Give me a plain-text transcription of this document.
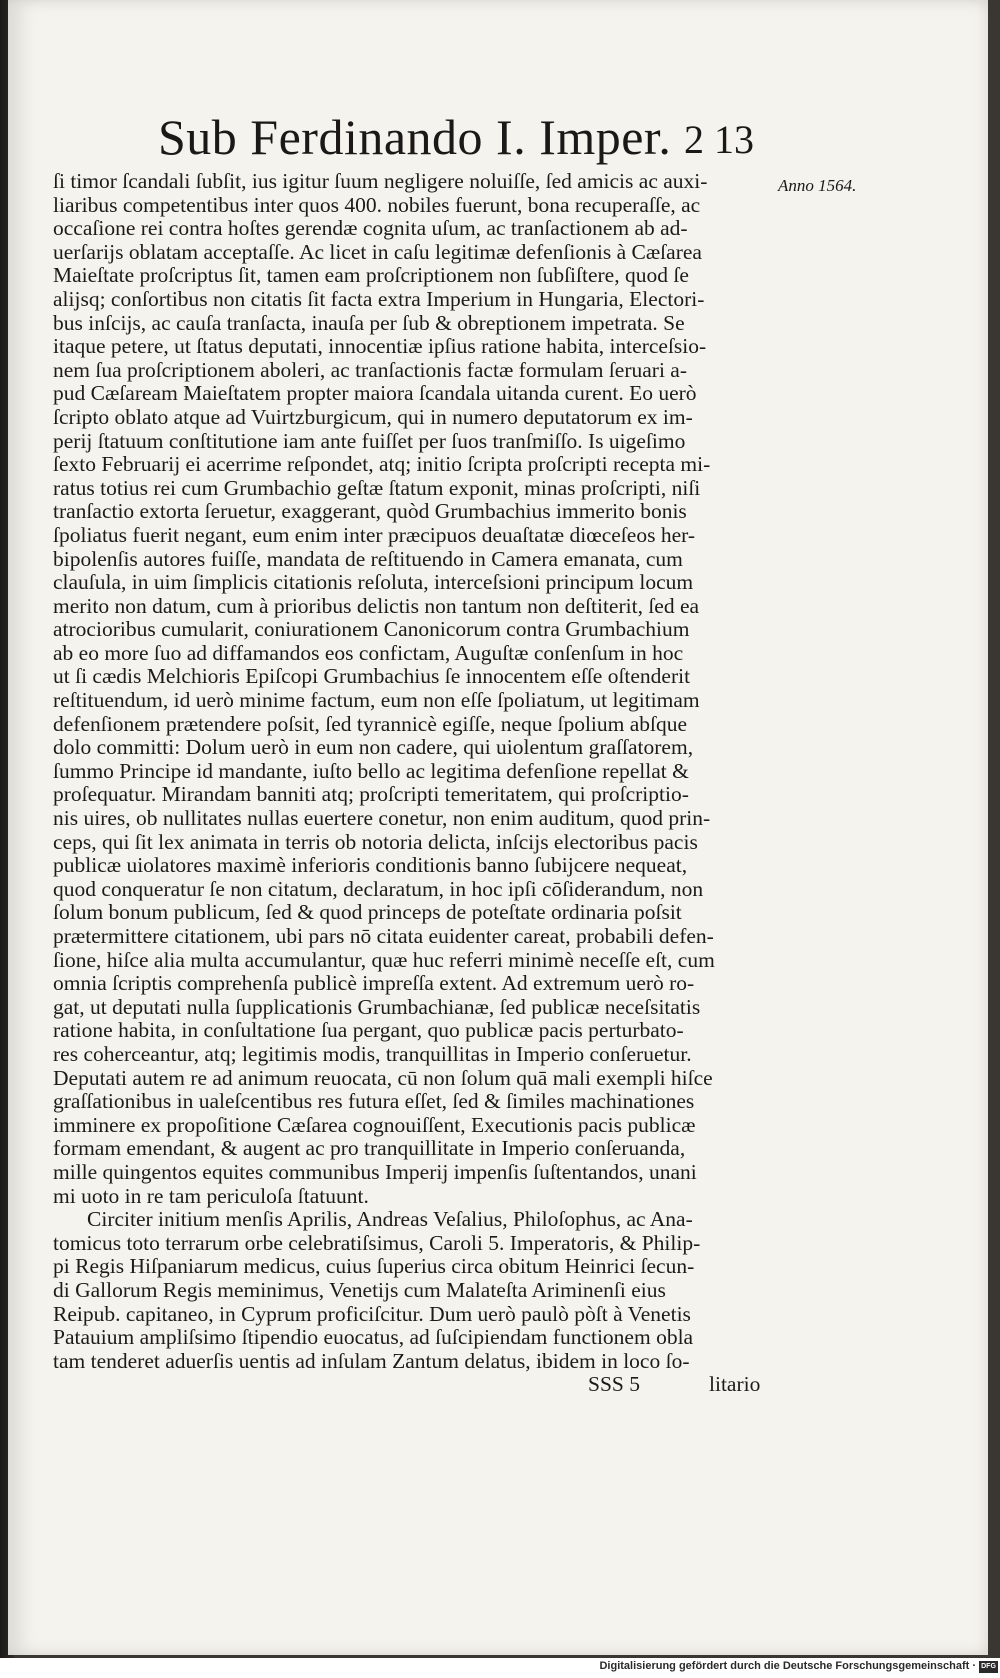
Sub Ferdinando I. Imper. 2 13
Anno 1564.
ſi timor ſcandali ſubſit, ius igitur ſuum negligere noluiſſe, ſed amicis ac auxi-
liaribus competentibus inter quos 400. nobiles fuerunt, bona recuperaſſe, ac
occaſione rei contra hoſtes gerendæ cognita uſum, ac tranſactionem ab ad-
uerſarijs oblatam acceptaſſe. Ac licet in caſu legitimæ defenſionis à Cæſarea
Maieſtate proſcriptus ſit, tamen eam proſcriptionem non ſubſiſtere, quod ſe
alijsq; conſortibus non citatis ſit facta extra Imperium in Hungaria, Electori-
bus inſcijs, ac cauſa tranſacta, inauſa per ſub & obreptionem impetrata. Se
itaque petere, ut ſtatus deputati, innocentiæ ipſius ratione habita, interceſsio-
nem ſua proſcriptionem aboleri, ac tranſactionis factæ formulam ſeruari a-
pud Cæſaream Maieſtatem propter maiora ſcandala uitanda curent. Eo uerò
ſcripto oblato atque ad Vuirtzburgicum, qui in numero deputatorum ex im-
perij ſtatuum conſtitutione iam ante fuiſſet per ſuos tranſmiſſo. Is uigeſimo
ſexto Februarij ei acerrime reſpondet, atq; initio ſcripta proſcripti recepta mi-
ratus totius rei cum Grumbachio geſtæ ſtatum exponit, minas proſcripti, niſi
tranſactio extorta ſeruetur, exaggerant, quòd Grumbachius immerito bonis
ſpoliatus fuerit negant, eum enim inter præcipuos deuaſtatæ diœceſeos her-
bipolenſis autores fuiſſe, mandata de reſtituendo in Camera emanata, cum
clauſula, in uim ſimplicis citationis reſoluta, interceſsioni principum locum
merito non datum, cum à prioribus delictis non tantum non deſtiterit, ſed ea
atrocioribus cumularit, coniurationem Canonicorum contra Grumbachium
ab eo more ſuo ad diffamandos eos confictam, Auguſtæ conſenſum in hoc
ut ſi cædis Melchioris Epiſcopi Grumbachius ſe innocentem eſſe oſtenderit
reſtituendum, id uerò minime factum, eum non eſſe ſpoliatum, ut legitimam
defenſionem prætendere poſsit, ſed tyrannicè egiſſe, neque ſpolium abſque
dolo committi: Dolum uerò in eum non cadere, qui uiolentum graſſatorem,
ſummo Principe id mandante, iuſto bello ac legitima defenſione repellat &
proſequatur. Mirandam banniti atq; proſcripti temeritatem, qui proſcriptio-
nis uires, ob nullitates nullas euertere conetur, non enim auditum, quod prin-
ceps, qui ſit lex animata in terris ob notoria delicta, inſcijs electoribus pacis
publicæ uiolatores maximè inferioris conditionis banno ſubijcere nequeat,
quod conqueratur ſe non citatum, declaratum, in hoc ipſi cōſiderandum, non
ſolum bonum publicum, ſed & quod princeps de poteſtate ordinaria poſsit
prætermittere citationem, ubi pars nō citata euidenter careat, probabili defen-
ſione, hiſce alia multa accumulantur, quæ huc referri minimè neceſſe eſt, cum
omnia ſcriptis comprehenſa publicè impreſſa extent. Ad extremum uerò ro-
gat, ut deputati nulla ſupplicationis Grumbachianæ, ſed publicæ neceſsitatis
ratione habita, in conſultatione ſua pergant, quo publicæ pacis perturbato-
res coherceantur, atq; legitimis modis, tranquillitas in Imperio conſeruetur.
Deputati autem re ad animum reuocata, cū non ſolum quā mali exempli hiſce
graſſationibus in ualeſcentibus res futura eſſet, ſed & ſimiles machinationes
imminere ex propoſitione Cæſarea cognouiſſent, Executionis pacis publicæ
formam emendant, & augent ac pro tranquillitate in Imperio conſeruanda,
mille quingentos equites communibus Imperij impenſis ſuſtentandos, unani
mi uoto in re tam periculoſa ſtatuunt.
Circiter initium menſis Aprilis, Andreas Veſalius, Philoſophus, ac Ana-
tomicus toto terrarum orbe celebratiſsimus, Caroli 5. Imperatoris, & Philip-
pi Regis Hiſpaniarum medicus, cuius ſuperius circa obitum Heinrici ſecun-
di Gallorum Regis meminimus, Venetijs cum Malateſta Ariminenſi eius
Reipub. capitaneo, in Cyprum proficiſcitur. Dum uerò paulò pòſt à Venetis
Patauium ampliſsimo ſtipendio euocatus, ad ſuſcipiendam functionem obla
tam tenderet aduerſis uentis ad inſulam Zantum delatus, ibidem in loco ſo-
SSS 5	litario
Digitalisierung gefördert durch die Deutsche Forschungsgemeinschaft · DFG
